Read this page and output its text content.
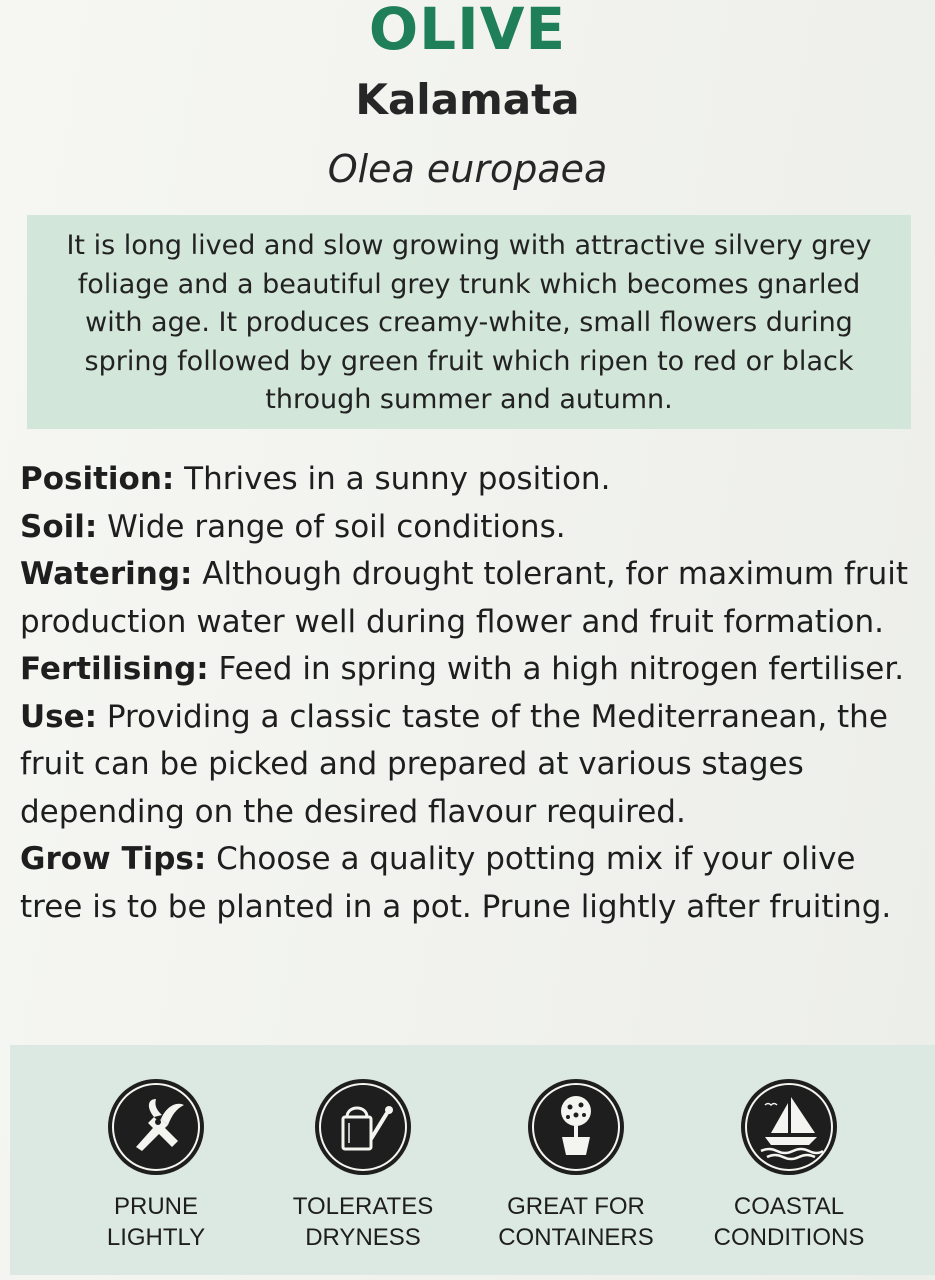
OLIVE
Kalamata
Olea europaea
It is long lived and slow growing with attractive silvery grey foliage and a beautiful grey trunk which becomes gnarled with age. It produces creamy-white, small flowers during spring followed by green fruit which ripen to red or black through summer and autumn.

Position: Thrives in a sunny position.

Soil: Wide range of soil conditions.

Watering: Although drought tolerant, for maximum fruit production water well during flower and fruit formation.

Fertilising: Feed in spring with a high nitrogen fertiliser.

Use: Providing a classic taste of the Mediterranean, the fruit can be picked and prepared at various stages depending on the desired flavour required.

Grow Tips: Choose a quality potting mix if your olive tree is to be planted in a pot. Prune lightly after fruiting.

PRUNE
LIGHTLY
TOLERATES
DRYNESS
GREAT FOR
CONTAINERS
COASTAL
CONDITIONS
